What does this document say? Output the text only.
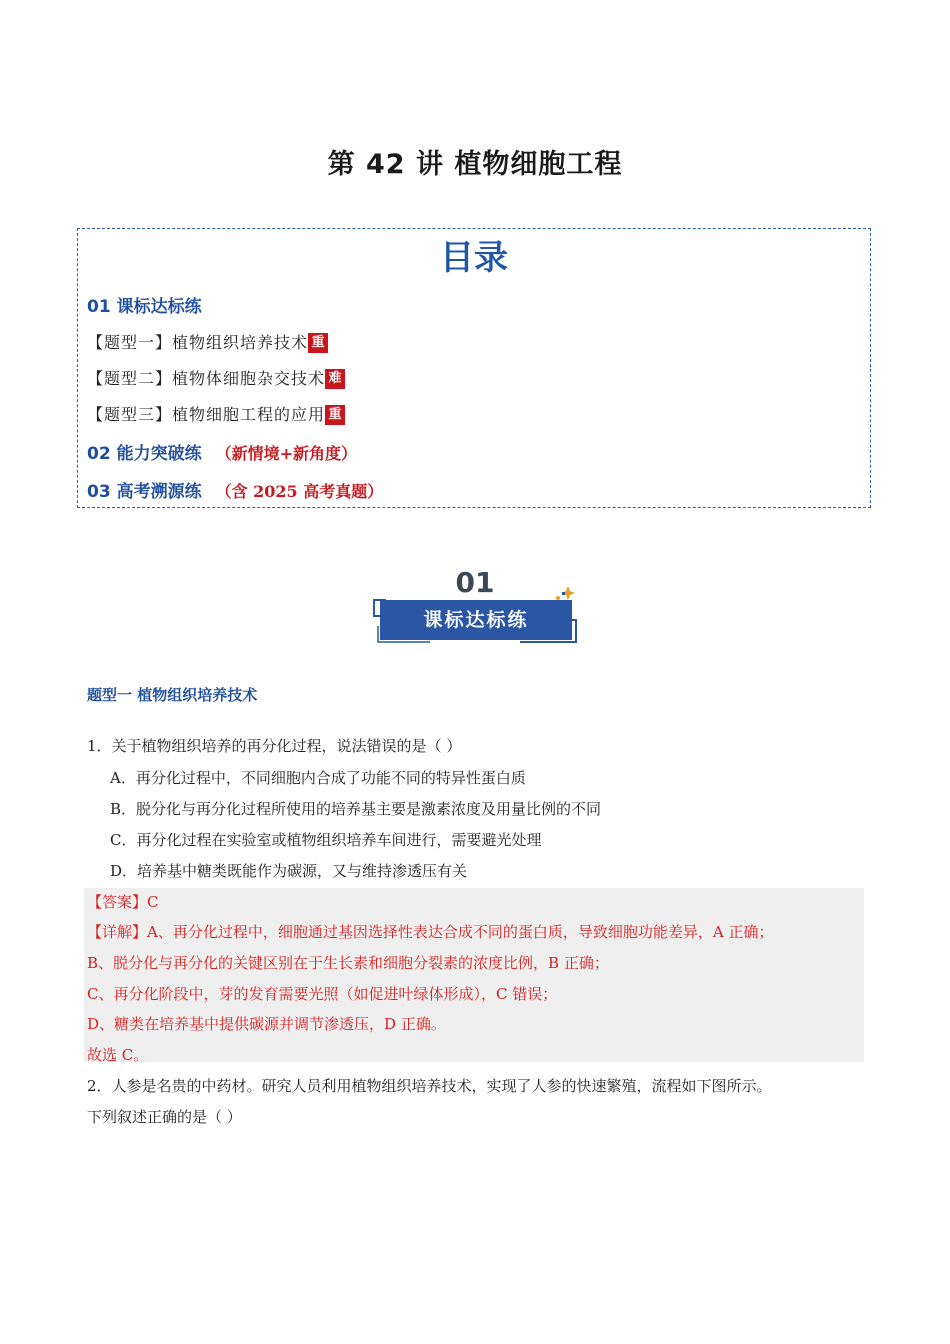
第 42 讲 植物细胞工程
目录
01 课标达标练
【题型一】植物组织培养技术 重
【题型二】植物体细胞杂交技术 难
【题型三】植物细胞工程的应用 重
02 能力突破练 （新情境+新角度）
03 高考溯源练 （含 2025 高考真题）
01
课标达标练
题型一 植物组织培养技术
1．关于植物组织培养的再分化过程，说法错误的是（ ）
A．再分化过程中，不同细胞内合成了功能不同的特异性蛋白质
B．脱分化与再分化过程所使用的培养基主要是激素浓度及用量比例的不同
C．再分化过程在实验室或植物组织培养车间进行，需要避光处理
D．培养基中糖类既能作为碳源，又与维持渗透压有关
【答案】C
【详解】A、再分化过程中，细胞通过基因选择性表达合成不同的蛋白质，导致细胞功能差异，A 正确；
B、脱分化与再分化的关键区别在于生长素和细胞分裂素的浓度比例，B 正确；
C、再分化阶段中，芽的发育需要光照（如促进叶绿体形成），C 错误；
D、糖类在培养基中提供碳源并调节渗透压，D 正确。
故选 C。
2．人参是名贵的中药材。研究人员利用植物组织培养技术，实现了人参的快速繁殖，流程如下图所示。
下列叙述正确的是（ ）
